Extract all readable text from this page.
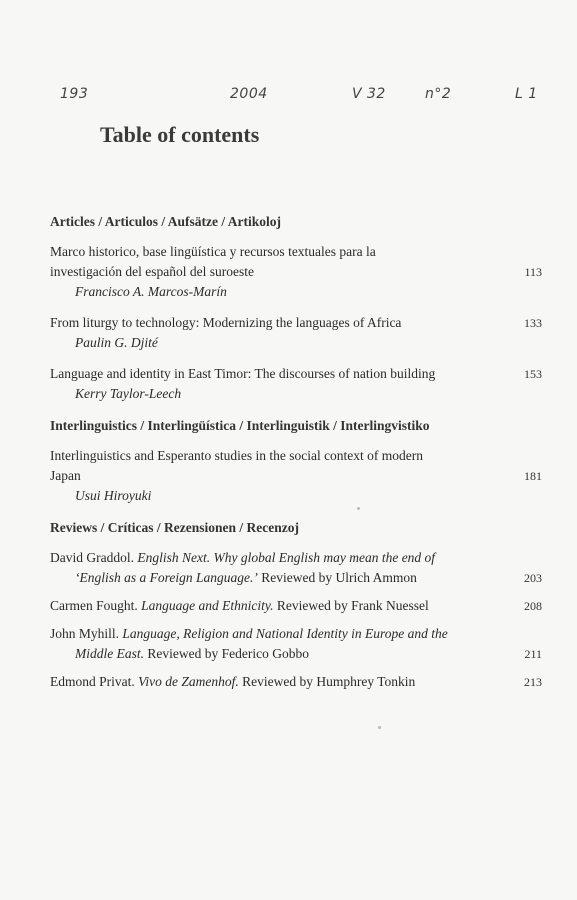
193	2004	V 32	n°2	L 1
Table of contents
Articles / Articulos / Aufsätze / Artikoloj
Marco historico, base lingüística y recursos textuales para la
investigación del español del suroeste	113
Francisco A. Marcos-Marín
From liturgy to technology: Modernizing the languages of Africa	133
Paulin G. Djité
Language and identity in East Timor: The discourses of nation building	153
Kerry Taylor-Leech
Interlinguistics / Interlingüística / Interlinguistik / Interlingvistiko
Interlinguistics and Esperanto studies in the social context of modern
Japan	181
Usui Hiroyuki
Reviews / Críticas / Rezensionen / Recenzoj
David Graddol. English Next. Why global English may mean the end of
‘English as a Foreign Language.’ Reviewed by Ulrich Ammon	203
Carmen Fought. Language and Ethnicity. Reviewed by Frank Nuessel	208
John Myhill. Language, Religion and National Identity in Europe and the
Middle East. Reviewed by Federico Gobbo	211
Edmond Privat. Vivo de Zamenhof. Reviewed by Humphrey Tonkin	213
